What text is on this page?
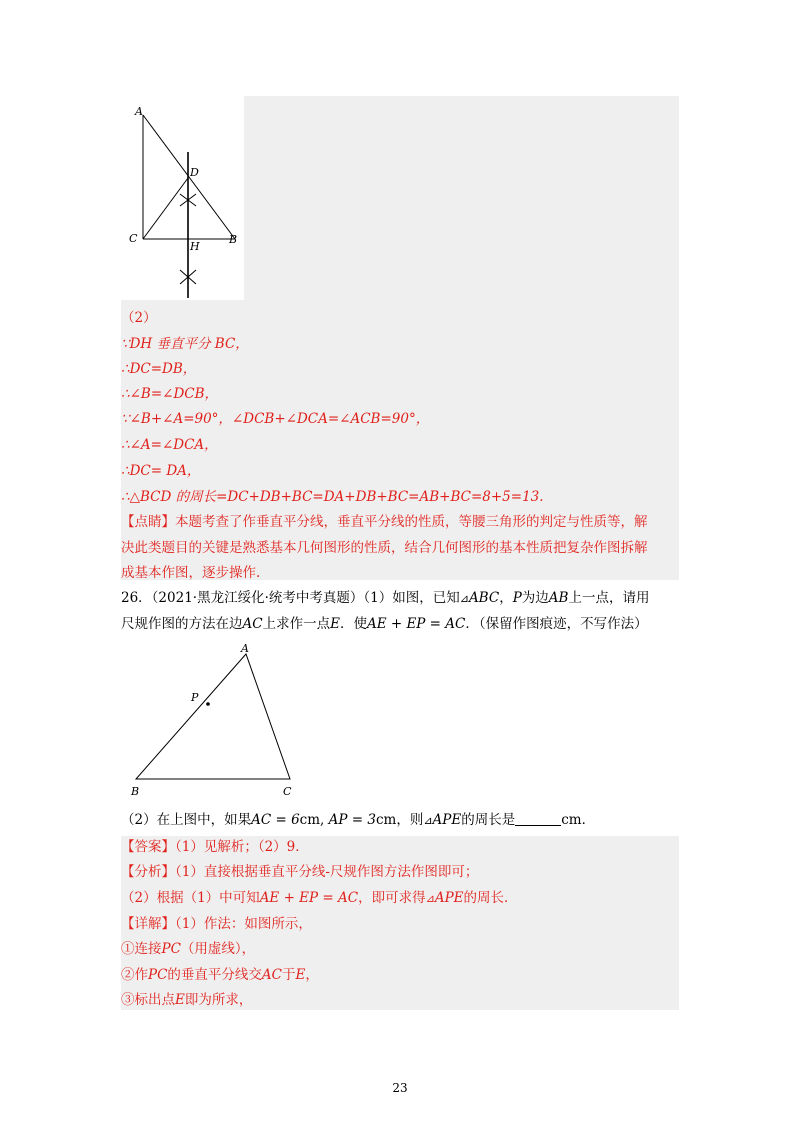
A
C	B
D
H
（2）
∵DH 垂直平分 BC，
∴DC=DB，
∴∠B=∠DCB，
∵∠B+∠A=90°，∠DCB+∠DCA=∠ACB=90°，
∴∠A=∠DCA，
∴DC= DA，
∴△BCD 的周长=DC+DB+BC=DA+DB+BC=AB+BC=8+5=13.
【点睛】本题考查了作垂直平分线，垂直平分线的性质，等腰三角形的判定与性质等，解
决此类题目的关键是熟悉基本几何图形的性质，结合几何图形的基本性质把复杂作图拆解
成基本作图，逐步操作.
26．（2021·黑龙江绥化·统考中考真题）（1）如图，已知⊿ABC，P为边AB上一点，请用
尺规作图的方法在边AC上求作一点E．使AE + EP = AC．（保留作图痕迹，不写作法）
A
P
B	C
（2）在上图中，如果AC = 6cm, AP = 3cm，则⊿APE的周长是	cm．
【答案】（1）见解析；（2）9．
【分析】（1）直接根据垂直平分线-尺规作图方法作图即可；
（2）根据（1）中可知AE + EP = AC，即可求得⊿APE的周长．
【详解】（1）作法：如图所示，
①连接PC（用虚线），
②作PC的垂直平分线交AC于E，
③标出点E即为所求，
23
